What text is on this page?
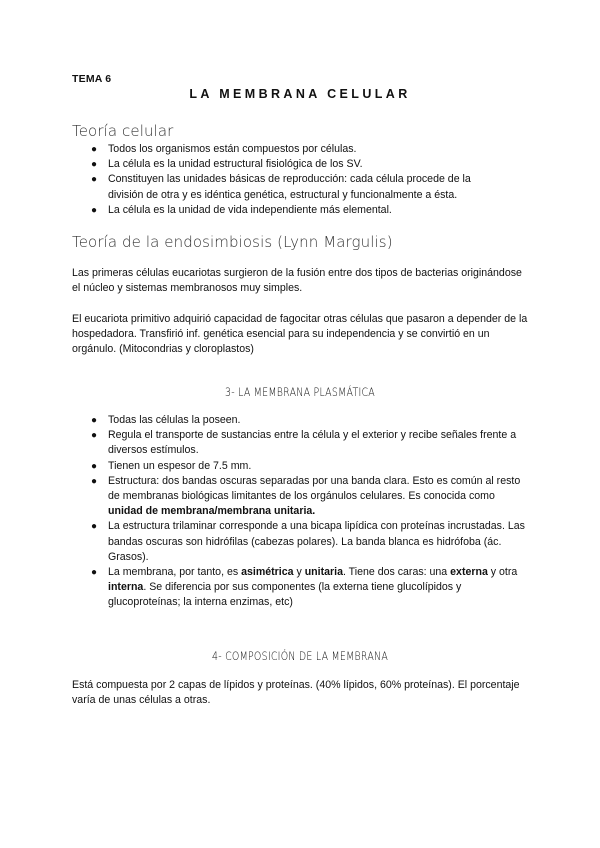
TEMA 6
LA MEMBRANA CELULAR
Teoría celular
● Todos los organismos están compuestos por células.
● La célula es la unidad estructural fisiológica de los SV.
● Constituyen las unidades básicas de reproducción: cada célula procede de la división de otra y es idéntica genética, estructural y funcionalmente a ésta.
● La célula es la unidad de vida independiente más elemental.
Teoría de la endosimbiosis (Lynn Margulis)
Las primeras células eucariotas surgieron de la fusión entre dos tipos de bacterias originándose el núcleo y sistemas membranosos muy simples.
El eucariota primitivo adquirió capacidad de fagocitar otras células que pasaron a depender de la hospedadora. Transfirió inf. genética esencial para su independencia y se convirtió en un orgánulo. (Mitocondrias y cloroplastos)
3- LA MEMBRANA PLASMÁTICA
● Todas las células la poseen.
● Regula el transporte de sustancias entre la célula y el exterior y recibe señales frente a diversos estímulos.
● Tienen un espesor de 7.5 mm.
● Estructura: dos bandas oscuras separadas por una banda clara. Esto es común al resto de membranas biológicas limitantes de los orgánulos celulares. Es conocida como unidad de membrana/membrana unitaria.
● La estructura trilaminar corresponde a una bicapa lipídica con proteínas incrustadas. Las bandas oscuras son hidrófilas (cabezas polares). La banda blanca es hidrófoba (ác. Grasos).
● La membrana, por tanto, es asimétrica y unitaria. Tiene dos caras: una externa y otra interna. Se diferencia por sus componentes (la externa tiene glucolípidos y glucoproteínas; la interna enzimas, etc)
4- COMPOSICIÓN DE LA MEMBRANA
Está compuesta por 2 capas de lípidos y proteínas. (40% lípidos, 60% proteínas). El porcentaje varía de unas células a otras.
